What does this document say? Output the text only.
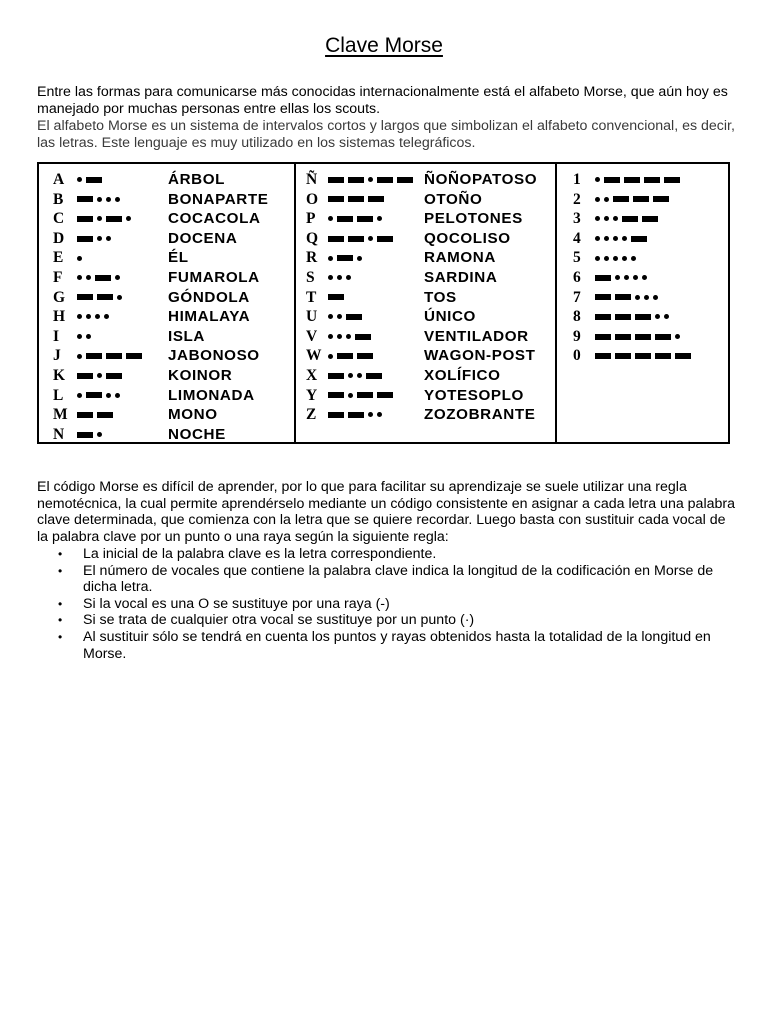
Clave Morse

Entre las formas para comunicarse más conocidas internacionalmente está el alfabeto Morse, que aún hoy es manejado por muchas personas entre ellas los scouts.

El alfabeto Morse es un sistema de intervalos cortos y largos que simbolizan el alfabeto convencional, es decir, las letras. Este lenguaje es muy utilizado en los sistemas telegráficos.

A	ÁRBOL
B	BONAPARTE
C	COCACOLA
D	DOCENA
E	ÉL
F	FUMAROLA
G	GÓNDOLA
H	HIMALAYA
I	ISLA
J	JABONOSO
K	KOINOR
L	LIMONADA
M	MONO
N	NOCHE
Ñ	ÑOÑOPATOSO
O	OTOÑO
P	PELOTONES
Q	QOCOLISO
R	RAMONA
S	SARDINA
T	TOS
U	ÚNICO
V	VENTILADOR
W	WAGON-POST
X	XOLÍFICO
Y	YOTESOPLO
Z	ZOZOBRANTE
1
2
3
4
5
6
7
8
9
0

El código Morse es difícil de aprender, por lo que para facilitar su aprendizaje se suele utilizar una regla nemotécnica, la cual permite aprendérselo mediante un código consistente en asignar a cada letra una palabra clave determinada, que comienza con la letra que se quiere recordar. Luego basta con sustituir cada vocal de la palabra clave por un punto o una raya según la siguiente regla:

• La inicial de la palabra clave es la letra correspondiente.
• El número de vocales que contiene la palabra clave indica la longitud de la codificación en Morse de dicha letra.
• Si la vocal es una O se sustituye por una raya (-)
• Si se trata de cualquier otra vocal se sustituye por un punto (·)
• Al sustituir sólo se tendrá en cuenta los puntos y rayas obtenidos hasta la totalidad de la longitud en Morse.
